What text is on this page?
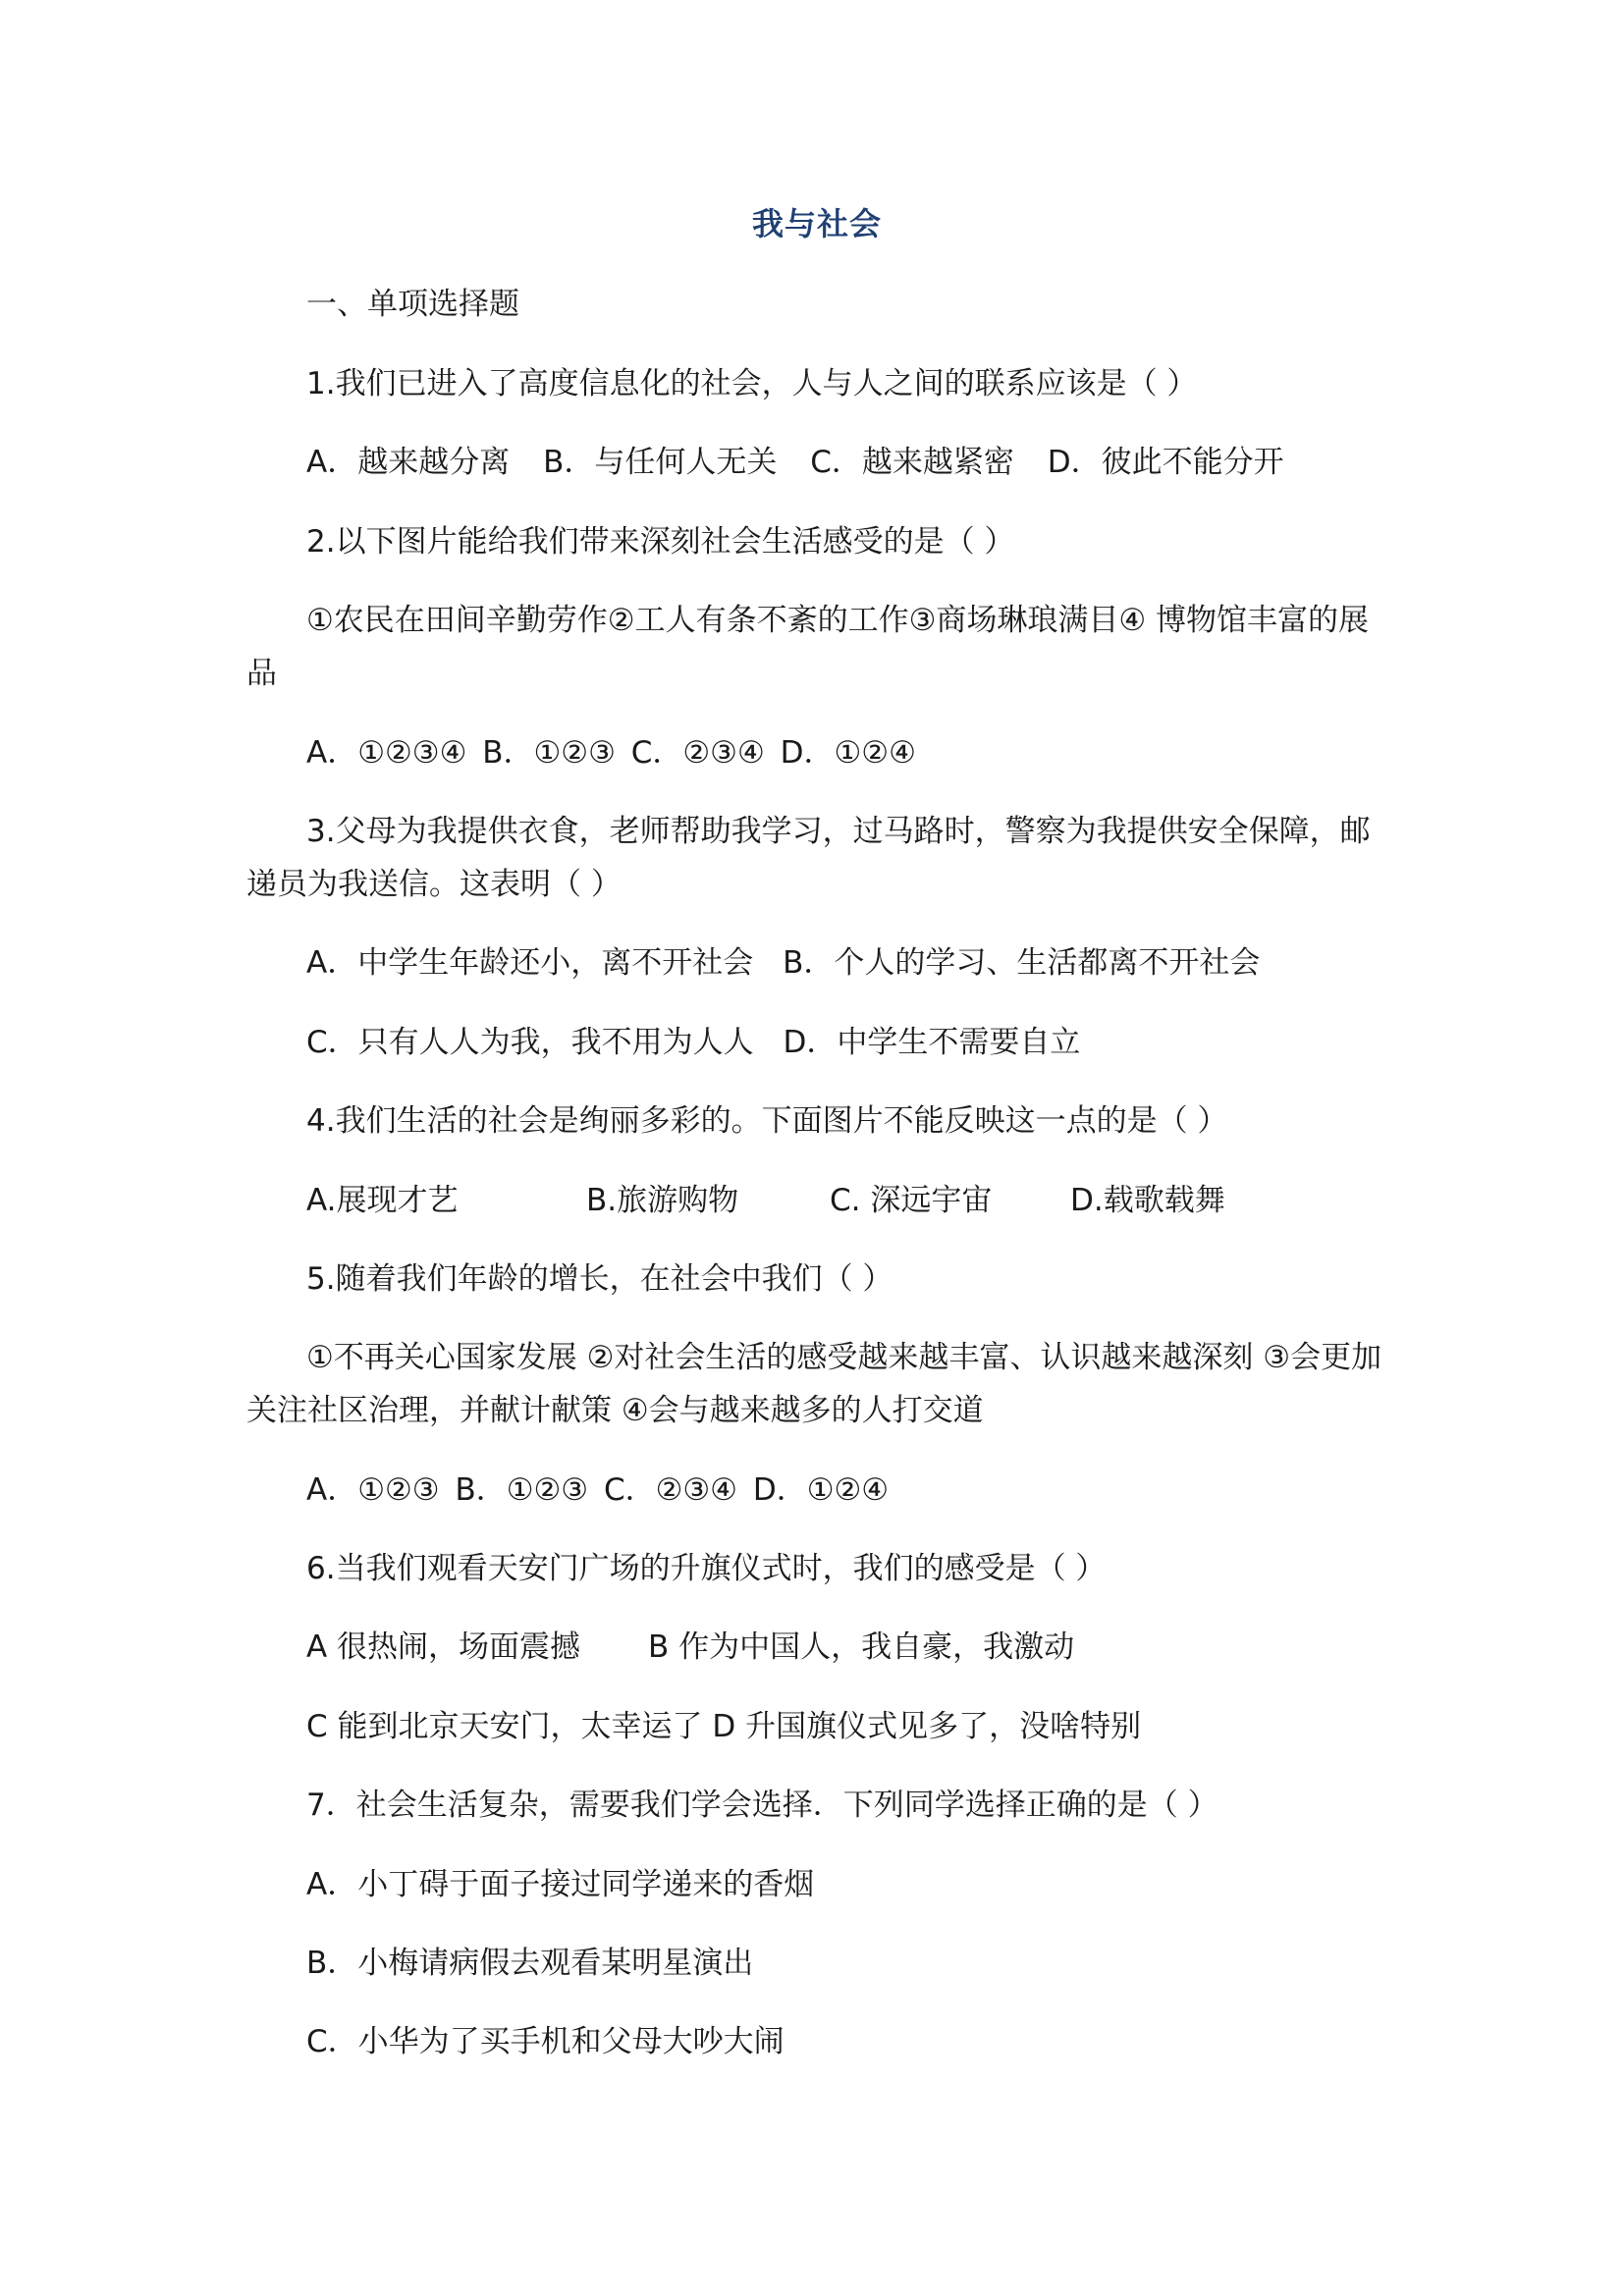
我与社会
一、单项选择题
1.我们已进入了高度信息化的社会，人与人之间的联系应该是（ ）
A．越来越分离 B．与任何人无关 C．越来越紧密 D．彼此不能分开
2.以下图片能给我们带来深刻社会生活感受的是（ ）
①农民在田间辛勤劳作②工人有条不紊的工作③商场琳琅满目④ 博物馆丰富的展品
A．①②③④ B．①②③ C．②③④ D．①②④
3.父母为我提供衣食，老师帮助我学习，过马路时，警察为我提供安全保障，邮递员为我送信。这表明（ ）
A．中学生年龄还小，离不开社会 B．个人的学习、生活都离不开社会
C．只有人人为我，我不用为人人 D．中学生不需要自立
4.我们生活的社会是绚丽多彩的。下面图片不能反映这一点的是（ ）
A.展现才艺	B.旅游购物	C. 深远宇宙	D.载歌载舞
5.随着我们年龄的增长，在社会中我们（ ）
①不再关心国家发展 ②对社会生活的感受越来越丰富、认识越来越深刻 ③会更加关注社区治理，并献计献策 ④会与越来越多的人打交道
A．①②③ B．①②③ C．②③④ D．①②④
6.当我们观看天安门广场的升旗仪式时，我们的感受是（ ）
A 很热闹，场面震撼 B 作为中国人，我自豪，我激动
C 能到北京天安门，太幸运了 D 升国旗仪式见多了，没啥特别
7．社会生活复杂，需要我们学会选择．下列同学选择正确的是（ ）
A．小丁碍于面子接过同学递来的香烟
B．小梅请病假去观看某明星演出
C．小华为了买手机和父母大吵大闹
